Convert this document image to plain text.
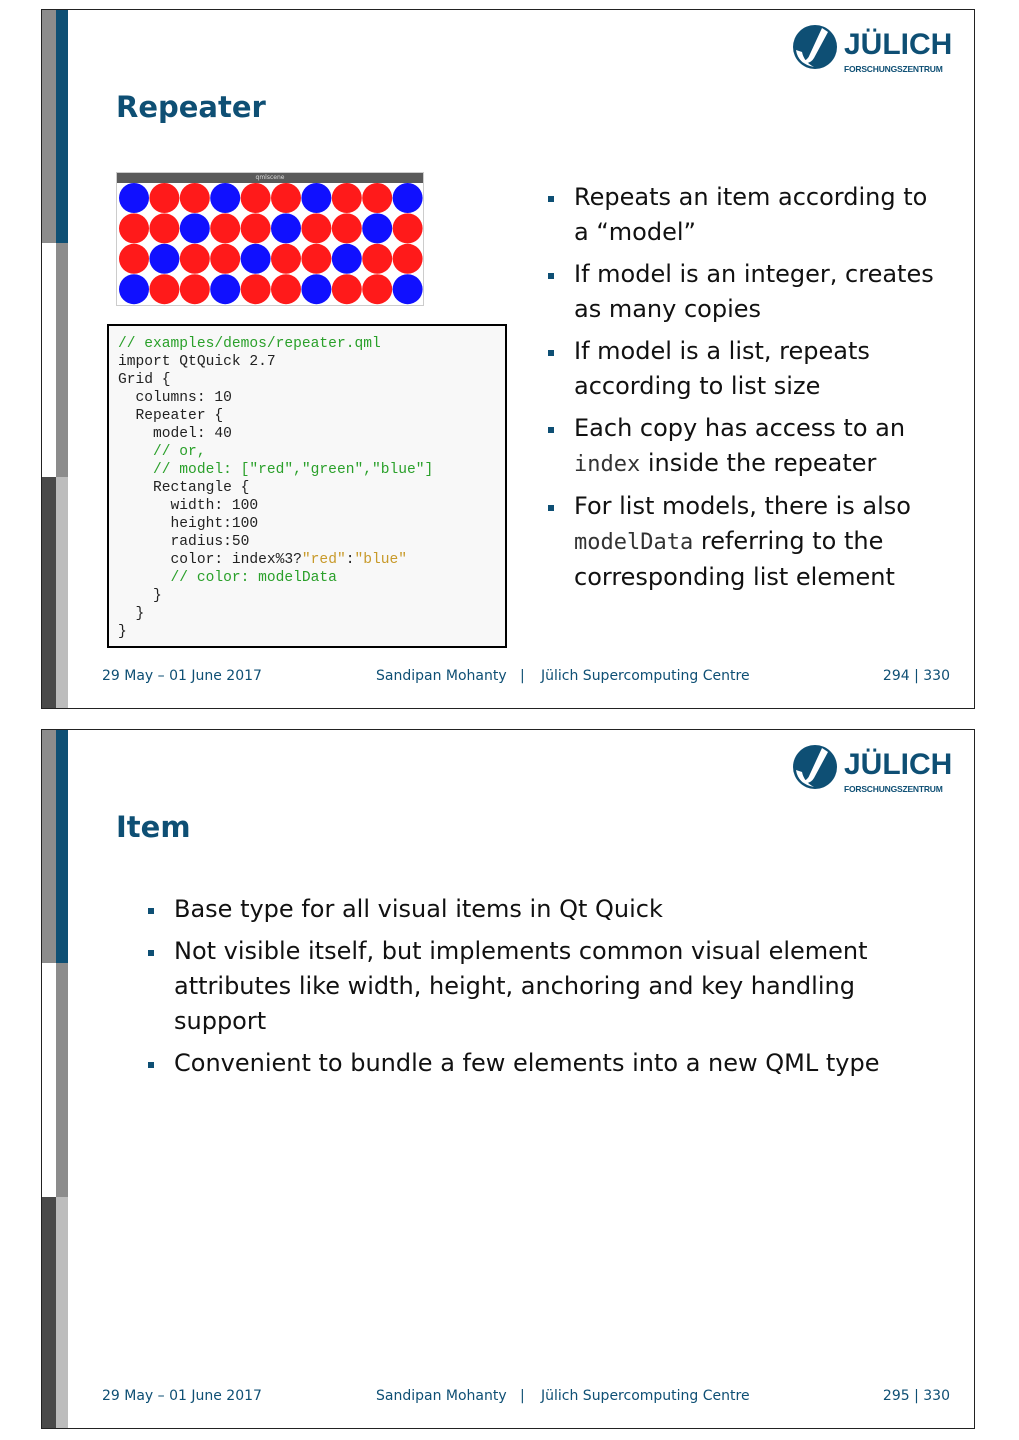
JÜLICH
FORSCHUNGSZENTRUM
Repeater
qmlscene
// examples/demos/repeater.qml
import QtQuick 2.7
Grid {
columns: 10
Repeater {
model: 40
// or,
// model: ["red","green","blue"]
Rectangle {
width: 100
height:100
radius:50
color: index%3?"red":"blue"
// color: modelData
}
}
}
Repeats an item according to a “model”
If model is an integer, creates as many copies
If model is a list, repeats according to list size
Each copy has access to an index inside the repeater
For list models, there is also modelData referring to the corresponding list element
29 May – 01 June 2017	Sandipan Mohanty | Jülich Supercomputing Centre	294 | 330
JÜLICH
FORSCHUNGSZENTRUM
Item
Base type for all visual items in Qt Quick
Not visible itself, but implements common visual element attributes like width, height, anchoring and key handling support
Convenient to bundle a few elements into a new QML type
29 May – 01 June 2017	Sandipan Mohanty | Jülich Supercomputing Centre	295 | 330
